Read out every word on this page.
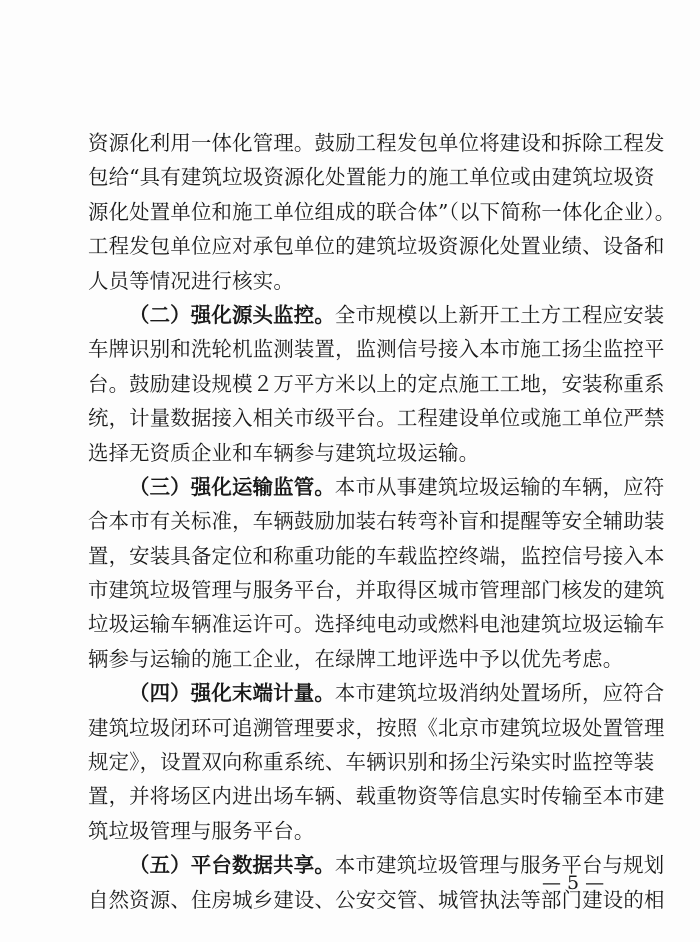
资源化利用一体化管理。鼓励工程发包单位将建设和拆除工程发
包给“具有建筑垃圾资源化处置能力的施工单位或由建筑垃圾资
源化处置单位和施工单位组成的联合体”（以下简称一体化企业）。
工程发包单位应对承包单位的建筑垃圾资源化处置业绩、设备和
人员等情况进行核实。
（二）强化源头监控。全市规模以上新开工土方工程应安装
车牌识别和洗轮机监测装置，监测信号接入本市施工扬尘监控平
台。鼓励建设规模２万平方米以上的定点施工工地，安装称重系
统，计量数据接入相关市级平台。工程建设单位或施工单位严禁
选择无资质企业和车辆参与建筑垃圾运输。
（三）强化运输监管。本市从事建筑垃圾运输的车辆，应符
合本市有关标准，车辆鼓励加装右转弯补盲和提醒等安全辅助装
置，安装具备定位和称重功能的车载监控终端，监控信号接入本
市建筑垃圾管理与服务平台，并取得区城市管理部门核发的建筑
垃圾运输车辆准运许可。选择纯电动或燃料电池建筑垃圾运输车
辆参与运输的施工企业，在绿牌工地评选中予以优先考虑。
（四）强化末端计量。本市建筑垃圾消纳处置场所，应符合
建筑垃圾闭环可追溯管理要求，按照《北京市建筑垃圾处置管理
规定》，设置双向称重系统、车辆识别和扬尘污染实时监控等装
置，并将场区内进出场车辆、载重物资等信息实时传输至本市建
筑垃圾管理与服务平台。
（五）平台数据共享。本市建筑垃圾管理与服务平台与规划
自然资源、住房城乡建设、公安交管、城管执法等部门建设的相
— 5 —
